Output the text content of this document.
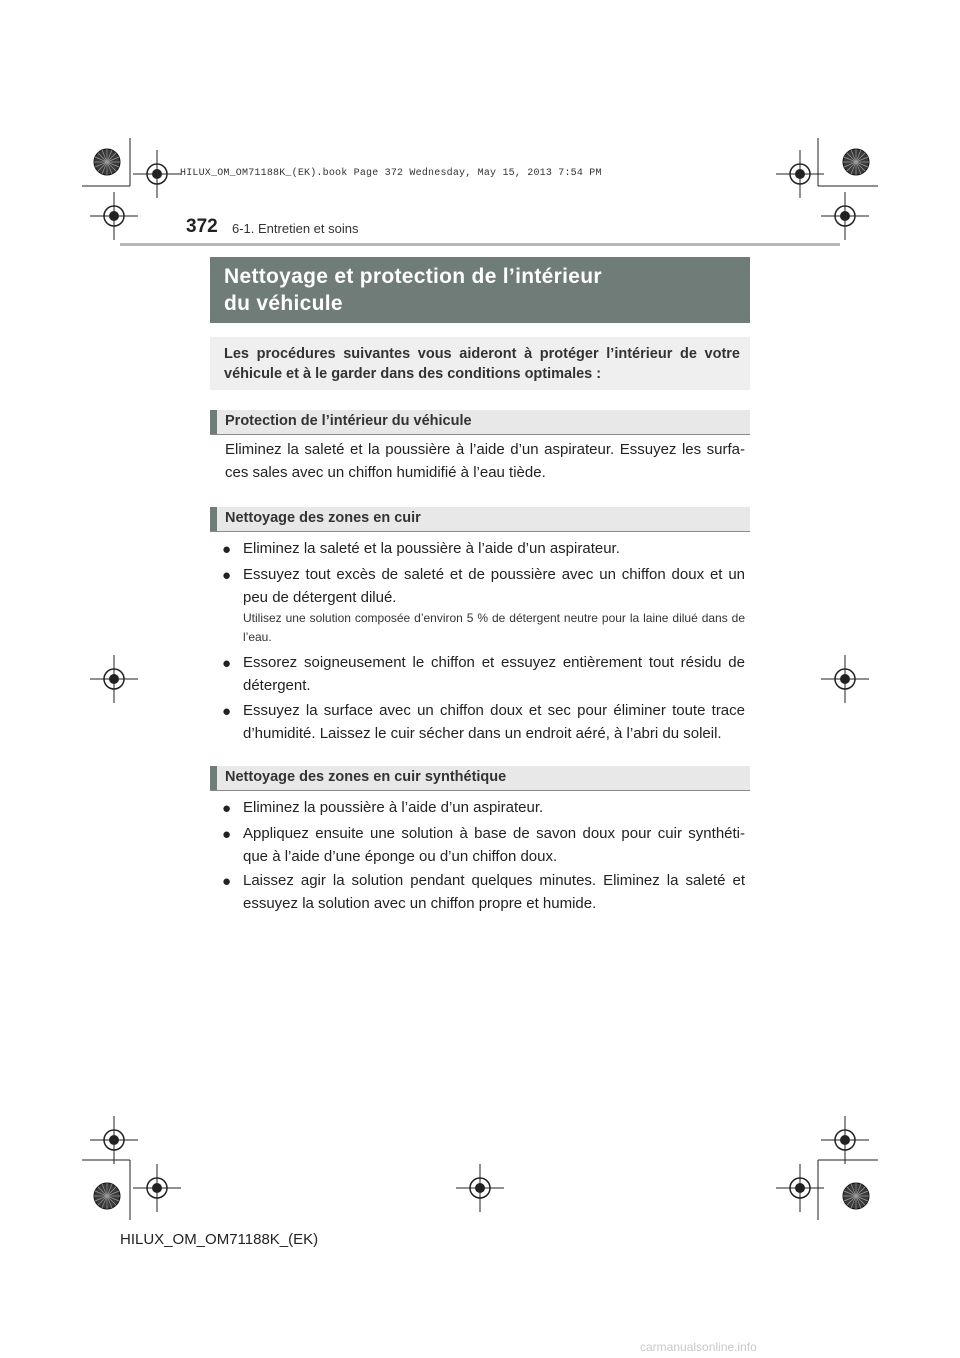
HILUX_OM_OM71188K_(EK).book Page 372 Wednesday, May 15, 2013 7:54 PM
372 6-1. Entretien et soins
Nettoyage et protection de l’intérieur
du véhicule
Les procédures suivantes vous aideront à protéger l’intérieur de votre véhicule et à le garder dans des conditions optimales :
Protection de l’intérieur du véhicule
Eliminez la saleté et la poussière à l’aide d’un aspirateur. Essuyez les surfa-ces sales avec un chiffon humidifié à l’eau tiède.
Nettoyage des zones en cuir
● Eliminez la saleté et la poussière à l’aide d’un aspirateur.
● Essuyez tout excès de saleté et de poussière avec un chiffon doux et un peu de détergent dilué.
Utilisez une solution composée d’environ 5 % de détergent neutre pour la laine dilué dans de l’eau.
● Essorez soigneusement le chiffon et essuyez entièrement tout résidu de détergent.
● Essuyez la surface avec un chiffon doux et sec pour éliminer toute trace d’humidité. Laissez le cuir sécher dans un endroit aéré, à l’abri du soleil.
Nettoyage des zones en cuir synthétique
● Eliminez la poussière à l’aide d’un aspirateur.
● Appliquez ensuite une solution à base de savon doux pour cuir synthéti-que à l’aide d’une éponge ou d’un chiffon doux.
● Laissez agir la solution pendant quelques minutes. Eliminez la saleté et essuyez la solution avec un chiffon propre et humide.
HILUX_OM_OM71188K_(EK)
carmanualsonline.info
